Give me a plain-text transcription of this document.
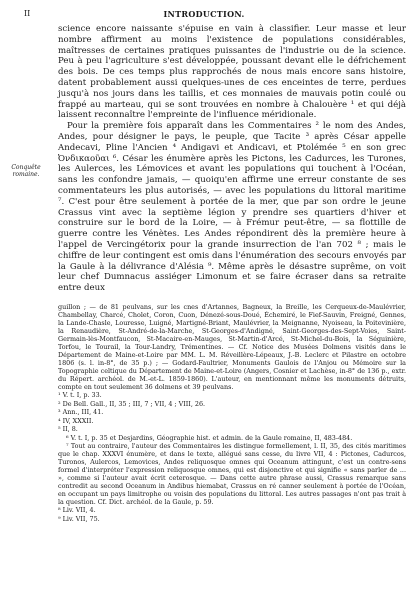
II	INTRODUCTION.
Conquête romaine.

science encore naissante s'épuise en vain à classifier. Leur masse et leur nombre affirment au moins l'existence de populations considérables, maîtresses de certaines pratiques puissantes de l'industrie ou de la science. Peu à peu l'agriculture s'est développée, poussant devant elle le défrichement des bois. De ces temps plus rapprochés de nous mais encore sans histoire, datent probablement aussi quelques-unes de ces enceintes de terre, perdues jusqu'à nos jours dans les taillis, et ces monnaies de mauvais potin coulé ou frappé au marteau, qui se sont trouvées en nombre à Chalouère ¹ et qui déjà laissent reconnaître l'empreinte de l'influence méridionale.

Pour la première fois apparaît dans les Commentaires ² le nom des Andes, Andes, pour désigner le pays, le peuple, que Tacite ³ après César appelle Andecavi, Pline l'Ancien ⁴ Andigavi et Andicavi, et Ptolémée ⁵ en son grec Ὀνδικαοῦαι ⁶. César les énumère après les Pictons, les Cadurces, les Turones, les Aulerces, les Lémovices et avant les populations qui touchent à l'Océan, sans les confondre jamais, — quoiqu'en affirme une erreur constante de ses commentateurs les plus autorisés, — avec les populations du littoral maritime ⁷. C'est pour être seulement à portée de la mer, que par son ordre le jeune Crassus vint avec la septième légion y prendre ses quartiers d'hiver et construire sur le bord de la Loire, — à Frémur peut-être, — sa flottille de guerre contre les Vénètes. Les Andes répondirent dès la première heure à l'appel de Vercingétorix pour la grande insurrection de l'an 702 ⁸ ; mais le chiffre de leur contingent est omis dans l'énumération des secours envoyés par la Gaule à la délivrance d'Alésia ⁹. Même après le désastre suprême, on voit leur chef Dumnacus assiéger Limonum et se faire écraser dans sa retraite entre deux

guillon ; — de 81 peulvans, sur les cnes d'Artannes, Bagneux, la Breille, les Cerqueux-de-Maulévrier, Chambellay, Charcé, Cholet, Coron, Cuon, Dénezé-sous-Doué, Échemiré, le Fief-Sauvin, Freigné, Gennes, la Lande-Chasle, Louresse, Luigné, Martigné-Briant, Maulévrier, la Meignanne, Nyoiseau, la Poitevinière, la Renaudière, St-André-de-la-Marche, St-Georges-d'Andigné, Saint-Georges-des-Sept-Voies, Saint-Germain-lès-Montfaucon, St-Macaire-en-Mauges, St-Martin-d'Arcé, St-Michel-du-Bois, la Séguinière, Torfou, le Tourail, la Tour-Landry, Trémentines. — Cf. Notice des Musées Dolmens visités dans le Département de Maine-et-Loire par MM. L. M. Réveillère-Lépeaux, J.-B. Leclerc et Pilastre en octobre 1806 (s. l. in-8°, de 35 p.) ; — Godard-Faultrier, Monuments Gaulois de l'Anjou ou Mémoire sur la Topographie celtique du Département de Maine-et-Loire (Angers, Cosnier et Lachèse, in-8° de 136 p., extr. du Répert. archéol. de M.-et-L. 1859-1860). L'auteur, en mentionnant même les monuments détruits, compte en tout seulement 36 dolmens et 39 peulvans.

¹ V. t. I, p. 33.
² De Bell. Gall., II, 35 ; III, 7 ; VII, 4 ; VIII, 26.
³ Ann., III, 41.
⁴ IV, XXXII.
⁵ II, 8.

⁶ V. t. I, p. 35 et Desjardins, Géographie hist. et admin. de la Gaule romaine, II, 483-484.

⁷ Tout au contraire, l'auteur des Commentaires les distingue formellement, l. II, 35, des cités maritimes que le chap. XXXVI énumère, et dans le texte, allégué sans cesse, du livre VII, 4 : Pictones, Cadurcos, Turonos, Aulercos, Lemovices, Andes reliquosque omnes qui Oceanum attingunt, c'est un contre-sens formel d'interpréter l'expression reliquosque omnes, qui est disjonctive et qui signifie « sans parler de ... », comme si l'auteur avait écrit ceterosque. — Dans cette autre phrase aussi, Crassus remarque sans contredit au second Oceanum in Andibus hiemabat, Crassus en ré canner seulement à portée de l'Océan, en occupant un pays limitrophe ou voisin des populations du littoral. Les autres passages n'ont pas trait à la question. Cf. Dict. archéol. de la Gaule, p. 59.

⁸ Liv. VII, 4.
⁹ Liv. VII, 75.
